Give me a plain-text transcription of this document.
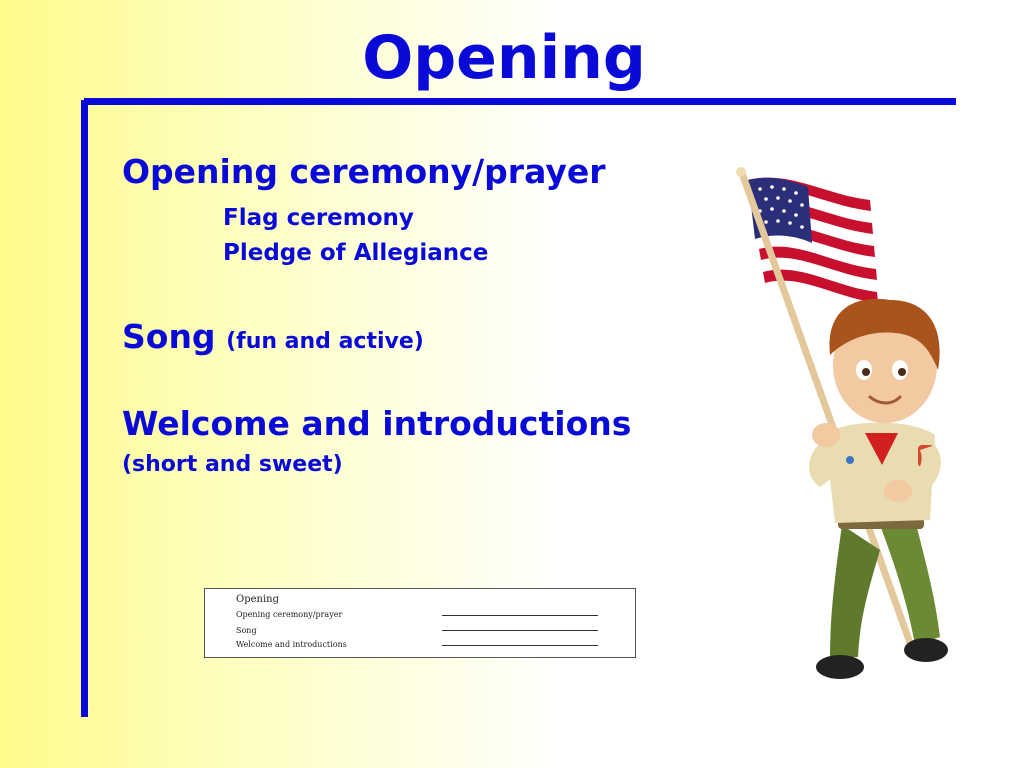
Opening
Opening ceremony/prayer
Flag ceremony
Pledge of Allegiance
Song (fun and active)
Welcome and introductions
(short and sweet)
Opening
Opening ceremony/prayer
Song
Welcome and introductions
